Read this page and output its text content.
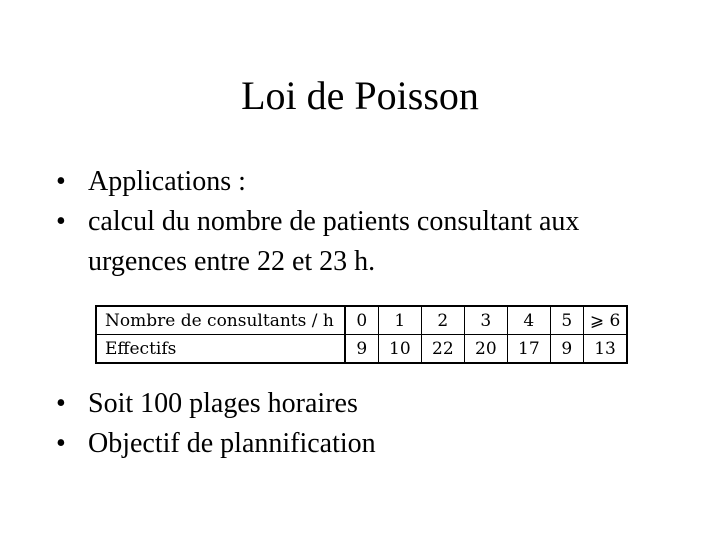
Loi de Poisson
• Applications :
• calcul du nombre de patients consultant aux urgences entre 22 et 23 h.
Nombre de consultants / h	0	1	2	3	4	5	⩾ 6
Effectifs	9	10	22	20	17	9	13
• Soit 100 plages horaires
• Objectif de plannification
